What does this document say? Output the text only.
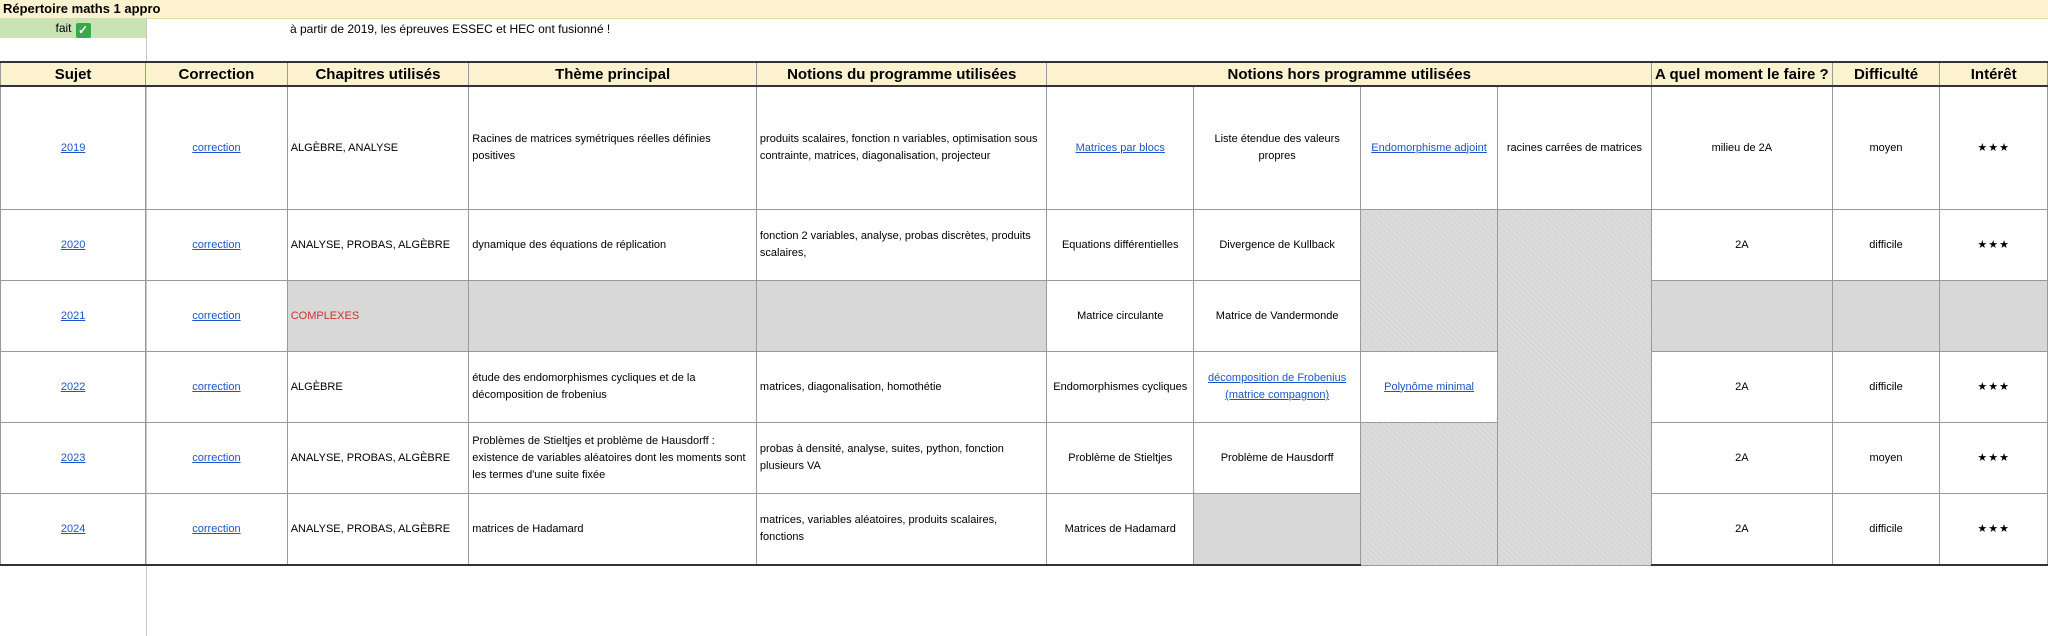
Répertoire maths 1 appro
fait ✓	à partir de 2019, les épreuves ESSEC et HEC ont fusionné !
Sujet	Correction	Chapitres utilisés	Thème principal	Notions du programme utilisées	Notions hors programme utilisées				A quel moment le faire ?	Difficulté	Intérêt
2019	correction	ALGÈBRE, ANALYSE	Racines de matrices symétriques réelles définies positives	produits scalaires, fonction n variables, optimisation sous contrainte, matrices, diagonalisation, projecteur	Matrices par blocs	Liste étendue des valeurs propres	Endomorphisme adjoint	racines carrées de matrices	milieu de 2A	moyen	★★★
2020	correction	ANALYSE, PROBAS, ALGÈBRE	dynamique des équations de réplication	fonction 2 variables, analyse, probas discrètes, produits scalaires,	Equations différentielles	Divergence de Kullback			2A	difficile	★★★
2021	correction	COMPLEXES			Matrice circulante	Matrice de Vandermonde					
2022	correction	ALGÈBRE	étude des endomorphismes cycliques et de la décomposition de frobenius	matrices, diagonalisation, homothétie	Endomorphismes cycliques	décomposition de Frobenius (matrice compagnon)	Polynôme minimal		2A	difficile	★★★
2023	correction	ANALYSE, PROBAS, ALGÈBRE	Problèmes de Stieltjes et problème de Hausdorff : existence de variables aléatoires dont les moments sont les termes d'une suite fixée	probas à densité, analyse, suites, python, fonction plusieurs VA	Problème de Stieltjes	Problème de Hausdorff			2A	moyen	★★★
2024	correction	ANALYSE, PROBAS, ALGÈBRE	matrices de Hadamard	matrices, variables aléatoires, produits scalaires, fonctions	Matrices de Hadamard				2A	difficile	★★★
